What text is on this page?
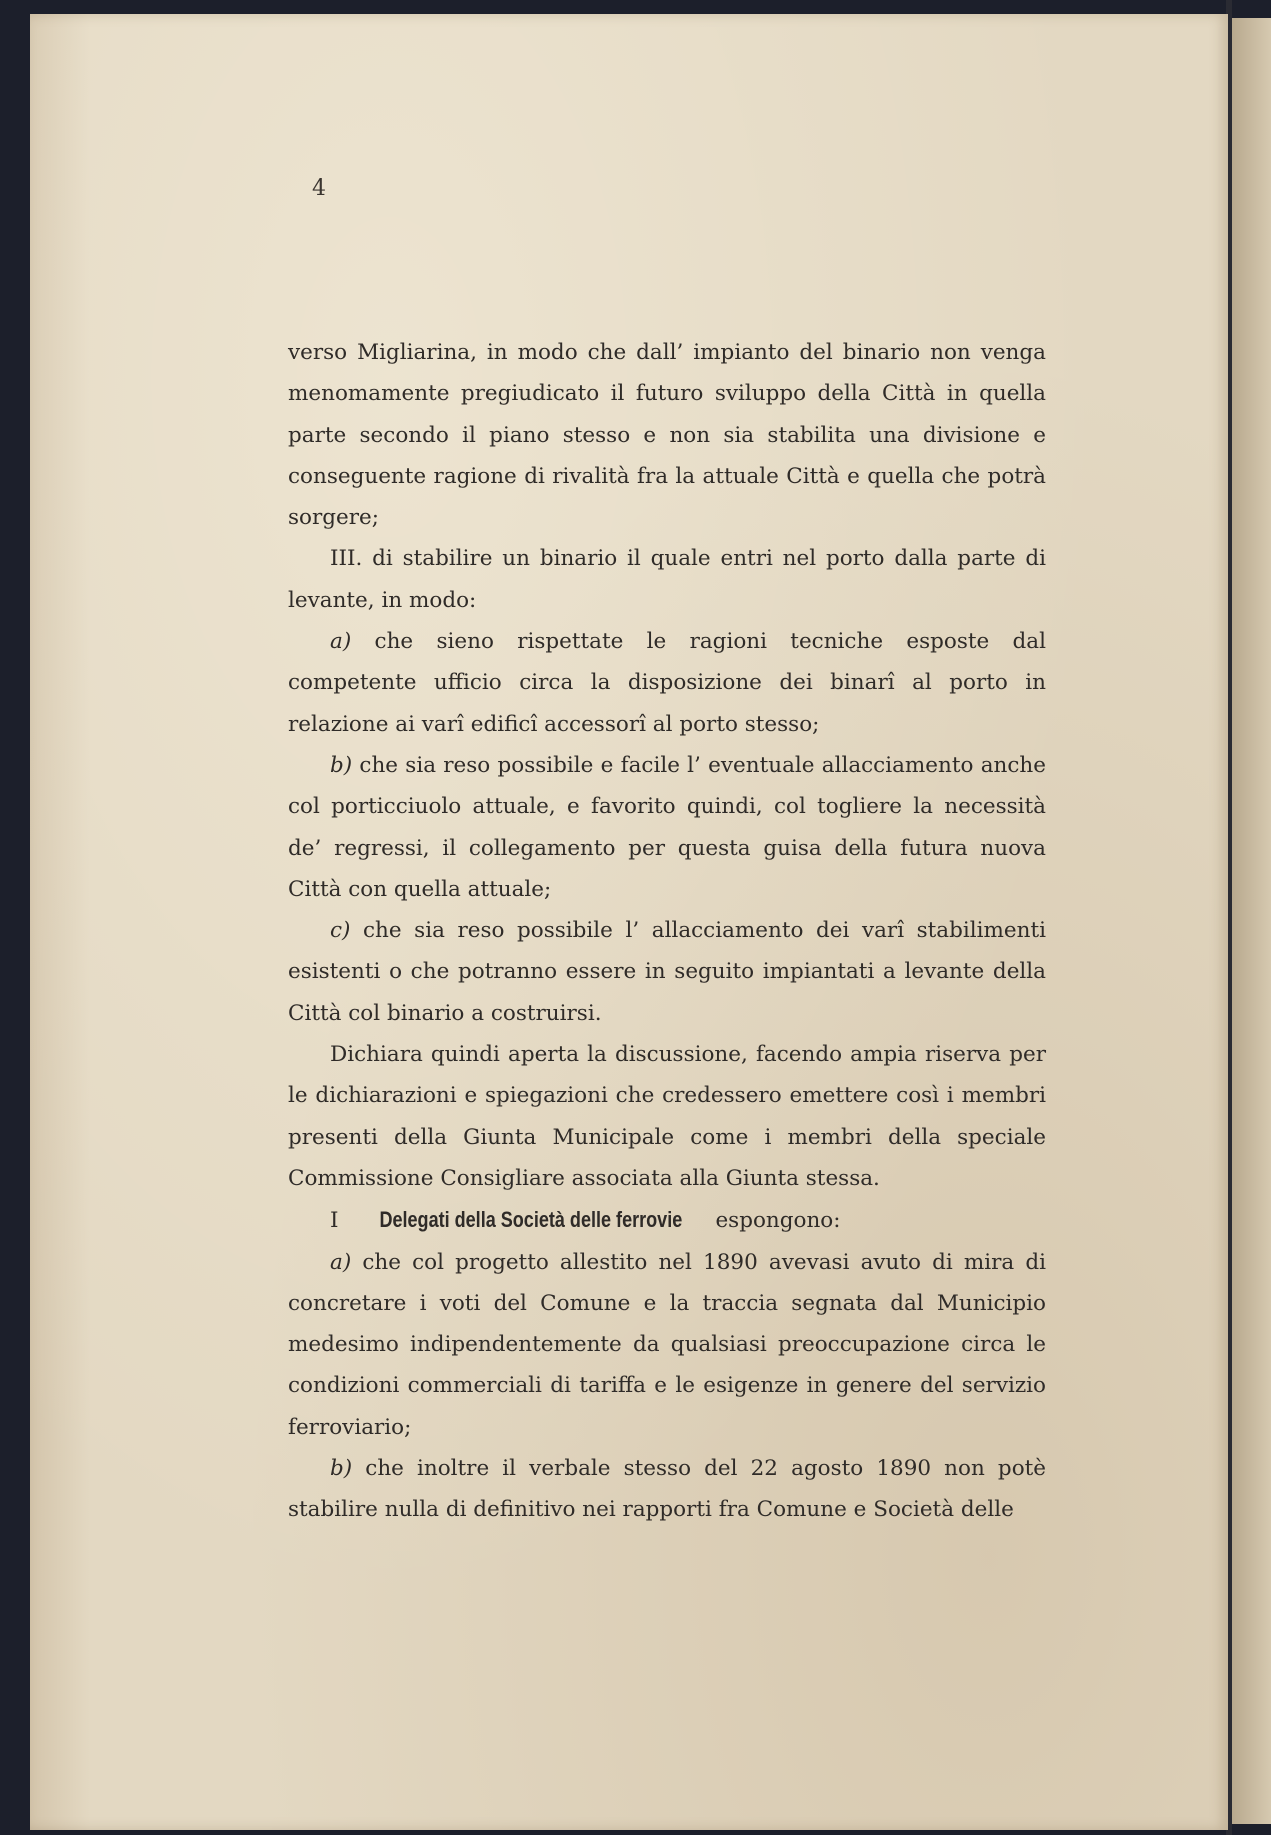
4

verso Migliarina, in modo che dall’ impianto del binario non venga menomamente pregiudicato il futuro sviluppo della Città in quella parte secondo il piano stesso e non sia stabilita una divisione e conseguente ragione di rivalità fra la attuale Città e quella che potrà sorgere;

III. di stabilire un binario il quale entri nel porto dalla parte di levante, in modo:

a) che sieno rispettate le ragioni tecniche esposte dal competente ufficio circa la disposizione dei binarî al porto in relazione ai varî edificî accessorî al porto stesso;

b) che sia reso possibile e facile l’ eventuale allacciamento anche col porticciuolo attuale, e favorito quindi, col togliere la necessità de’ regressi, il collegamento per questa guisa della futura nuova Città con quella attuale;

c) che sia reso possibile l’ allacciamento dei varî stabilimenti esistenti o che potranno essere in seguito impiantati a levante della Città col binario a costruirsi.

Dichiara quindi aperta la discussione, facendo ampia riserva per le dichiarazioni e spiegazioni che credessero emettere così i membri presenti della Giunta Municipale come i membri della speciale Commissione Consigliare associata alla Giunta stessa.

I Delegati della Società delle ferrovie espongono:

a) che col progetto allestito nel 1890 avevasi avuto di mira di concretare i voti del Comune e la traccia segnata dal Municipio medesimo indipendentemente da qualsiasi preoccupazione circa le condizioni commerciali di tariffa e le esigenze in genere del servizio ferroviario;

b) che inoltre il verbale stesso del 22 agosto 1890 non potè stabilire nulla di definitivo nei rapporti fra Comune e Società delle
